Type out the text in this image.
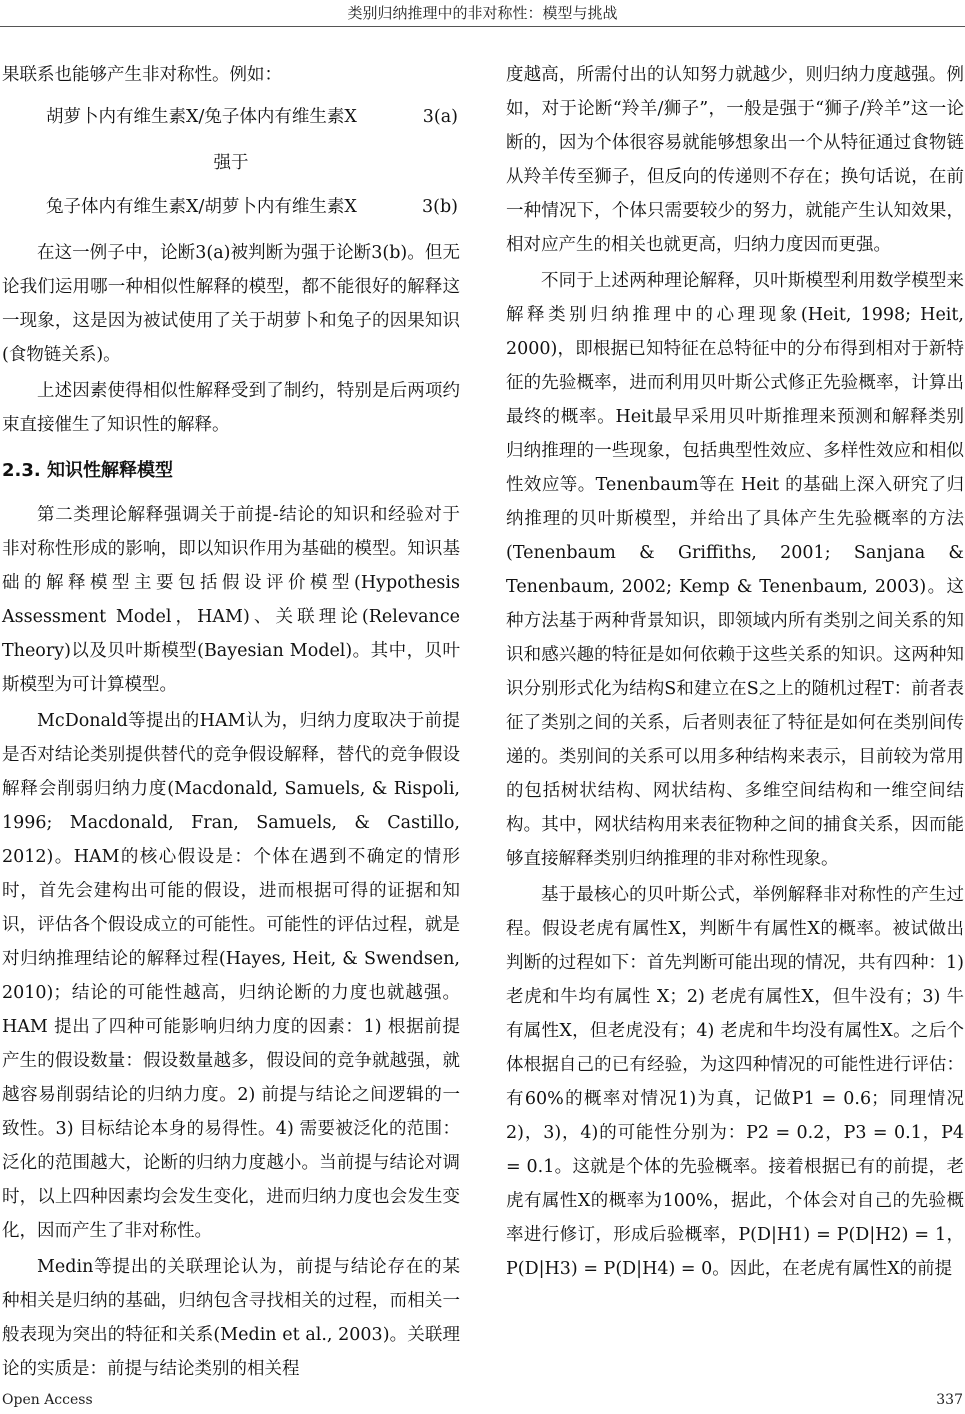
类别归纳推理中的非对称性：模型与挑战

果联系也能够产生非对称性。例如：

胡萝卜内有维生素X/兔子体内有维生素X	3(a)
强于
兔子体内有维生素X/胡萝卜内有维生素X	3(b)

在这一例子中，论断3(a)被判断为强于论断3(b)。但无论我们运用哪一种相似性解释的模型，都不能很好的解释这一现象，这是因为被试使用了关于胡萝卜和兔子的因果知识(食物链关系)。

上述因素使得相似性解释受到了制约，特别是后两项约束直接催生了知识性的解释。

2.3. 知识性解释模型

第二类理论解释强调关于前提-结论的知识和经验对于非对称性形成的影响，即以知识作用为基础的模型。知识基础的解释模型主要包括假设评价模型(Hypothesis Assessment Model，HAM)、关联理论(Relevance Theory)以及贝叶斯模型(Bayesian Model)。其中，贝叶斯模型为可计算模型。

McDonald等提出的HAM认为，归纳力度取决于前提是否对结论类别提供替代的竞争假设解释，替代的竞争假设解释会削弱归纳力度(Macdonald, Samuels, & Rispoli, 1996; Macdonald, Fran, Samuels, & Castillo, 2012)。HAM的核心假设是：个体在遇到不确定的情形时，首先会建构出可能的假设，进而根据可得的证据和知识，评估各个假设成立的可能性。可能性的评估过程，就是对归纳推理结论的解释过程(Hayes, Heit, & Swendsen, 2010)；结论的可能性越高，归纳论断的力度也就越强。HAM 提出了四种可能影响归纳力度的因素：1) 根据前提产生的假设数量：假设数量越多，假设间的竞争就越强，就越容易削弱结论的归纳力度。2) 前提与结论之间逻辑的一致性。3) 目标结论本身的易得性。4) 需要被泛化的范围：泛化的范围越大，论断的归纳力度越小。当前提与结论对调时，以上四种因素均会发生变化，进而归纳力度也会发生变化，因而产生了非对称性。

Medin等提出的关联理论认为，前提与结论存在的某种相关是归纳的基础，归纳包含寻找相关的过程，而相关一般表现为突出的特征和关系(Medin et al., 2003)。关联理论的实质是：前提与结论类别的相关程

度越高，所需付出的认知努力就越少，则归纳力度越强。例如，对于论断“羚羊/狮子”，一般是强于“狮子/羚羊”这一论断的，因为个体很容易就能够想象出一个从特征通过食物链从羚羊传至狮子，但反向的传递则不存在；换句话说，在前一种情况下，个体只需要较少的努力，就能产生认知效果，相对应产生的相关也就更高，归纳力度因而更强。

不同于上述两种理论解释，贝叶斯模型利用数学模型来解释类别归纳推理中的心理现象(Heit, 1998; Heit, 2000)，即根据已知特征在总特征中的分布得到相对于新特征的先验概率，进而利用贝叶斯公式修正先验概率，计算出最终的概率。Heit最早采用贝叶斯推理来预测和解释类别归纳推理的一些现象，包括典型性效应、多样性效应和相似性效应等。Tenenbaum等在 Heit 的基础上深入研究了归纳推理的贝叶斯模型，并给出了具体产生先验概率的方法(Tenenbaum & Griffiths, 2001; Sanjana & Tenenbaum, 2002; Kemp & Tenenbaum, 2003)。这种方法基于两种背景知识，即领域内所有类别之间关系的知识和感兴趣的特征是如何依赖于这些关系的知识。这两种知识分别形式化为结构S和建立在S之上的随机过程T：前者表征了类别之间的关系，后者则表征了特征是如何在类别间传递的。类别间的关系可以用多种结构来表示，目前较为常用的包括树状结构、网状结构、多维空间结构和一维空间结构。其中，网状结构用来表征物种之间的捕食关系，因而能够直接解释类别归纳推理的非对称性现象。

基于最核心的贝叶斯公式，举例解释非对称性的产生过程。假设老虎有属性X，判断牛有属性X的概率。被试做出判断的过程如下：首先判断可能出现的情况，共有四种：1) 老虎和牛均有属性 X；2) 老虎有属性X，但牛没有；3) 牛有属性X，但老虎没有；4) 老虎和牛均没有属性X。之后个体根据自己的已有经验，为这四种情况的可能性进行评估：有60%的概率对情况1)为真，记做P1 = 0.6；同理情况2)，3)，4)的可能性分别为：P2 = 0.2，P3 = 0.1，P4 = 0.1。这就是个体的先验概率。接着根据已有的前提，老虎有属性X的概率为100%，据此，个体会对自己的先验概率进行修订，形成后验概率，P(D|H1) = P(D|H2) = 1，P(D|H3) = P(D|H4) = 0。因此，在老虎有属性X的前提

Open Access	337
